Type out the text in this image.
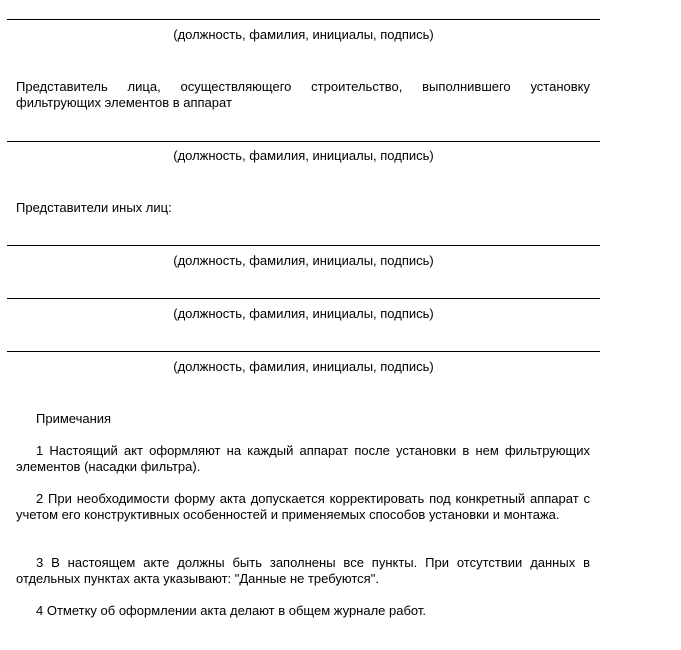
(должность, фамилия, инициалы, подпись)
Представитель лица, осуществляющего строительство, выполнившего установку
фильтрующих элементов в аппарат
(должность, фамилия, инициалы, подпись)
Представители иных лиц:
(должность, фамилия, инициалы, подпись)
(должность, фамилия, инициалы, подпись)
(должность, фамилия, инициалы, подпись)
Примечания
1 Настоящий акт оформляют на каждый аппарат после установки в нем фильтрующих элементов (насадки фильтра).
2 При необходимости форму акта допускается корректировать под конкретный аппарат с учетом его конструктивных особенностей и применяемых способов установки и монтажа.
3 В настоящем акте должны быть заполнены все пункты. При отсутствии данных в отдельных пунктах акта указывают: "Данные не требуются".
4 Отметку об оформлении акта делают в общем журнале работ.
